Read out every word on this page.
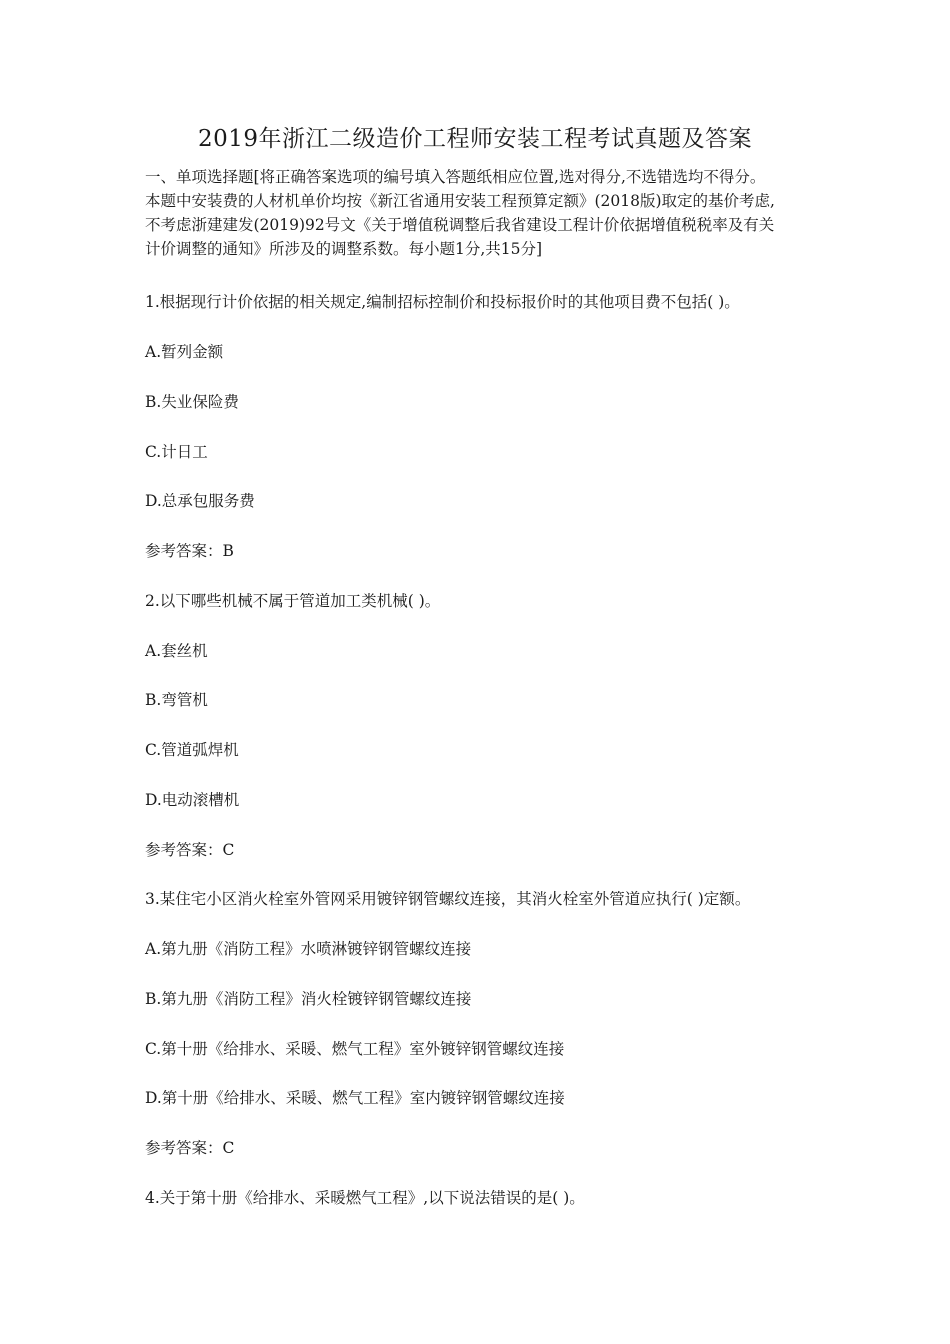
2019年浙江二级造价工程师安装工程考试真题及答案
一、单项选择题[将正确答案选项的编号填入答题纸相应位置,选对得分,不选错选均不得分。
本题中安装费的人材机单价均按《新江省通用安装工程预算定额》(2018版)取定的基价考虑,
不考虑浙建建发(2019)92号文《关于增值税调整后我省建设工程计价依据增值税税率及有关
计价调整的通知》所涉及的调整系数。每小题1分,共15分]
1.根据现行计价依据的相关规定,编制招标控制价和投标报价时的其他项目费不包括( )。
A.暂列金额
B.失业保险费
C.计日工
D.总承包服务费
参考答案：B
2.以下哪些机械不属于管道加工类机械( )。
A.套丝机
B.弯管机
C.管道弧焊机
D.电动滚槽机
参考答案：C
3.某住宅小区消火栓室外管网采用镀锌钢管螺纹连接，其消火栓室外管道应执行( )定额。
A.第九册《消防工程》水喷淋镀锌钢管螺纹连接
B.第九册《消防工程》消火栓镀锌钢管螺纹连接
C.第十册《给排水、采暖、燃气工程》室外镀锌钢管螺纹连接
D.第十册《给排水、采暖、燃气工程》室内镀锌钢管螺纹连接
参考答案：C
4.关于第十册《给排水、采暖燃气工程》,以下说法错误的是( )。
